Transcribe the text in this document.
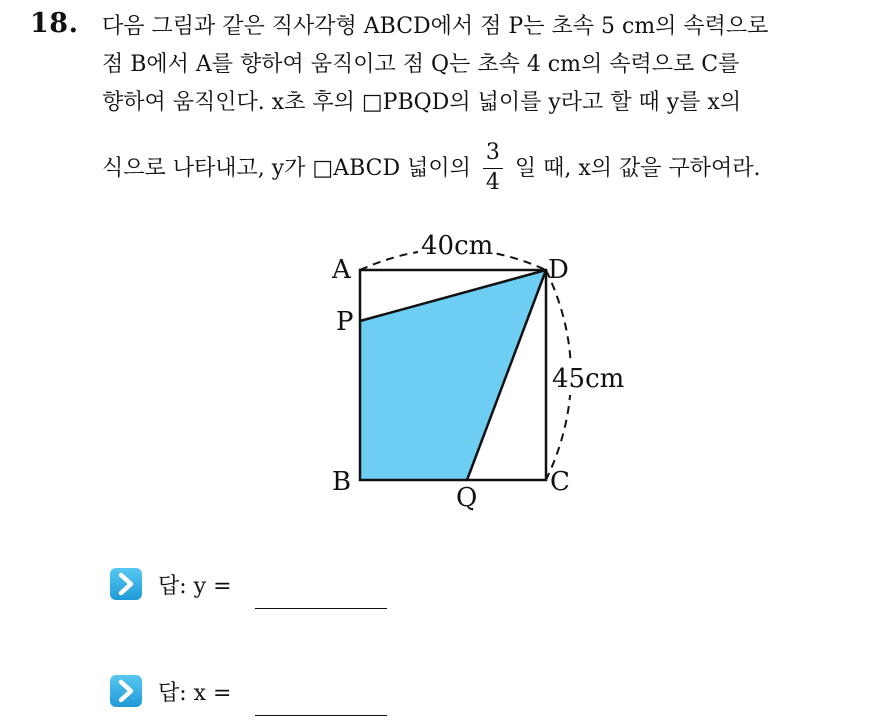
18. 다음 그림과 같은 직사각형 ABCD에서 점 P는 초속 5 cm의 속력으로
점 B에서 A를 향하여 움직이고 점 Q는 초속 4 cm의 속력으로 C를
향하여 움직인다. x초 후의 □PBQD의 넓이를 y라고 할 때 y를 x의
식으로 나타내고, y가 □ABCD 넓이의 $\frac{3}{4}$ 일 때, x의 값을 구하여라.
40cm
45cm
A	D
P
B	C
Q
답: y =
답: x =
